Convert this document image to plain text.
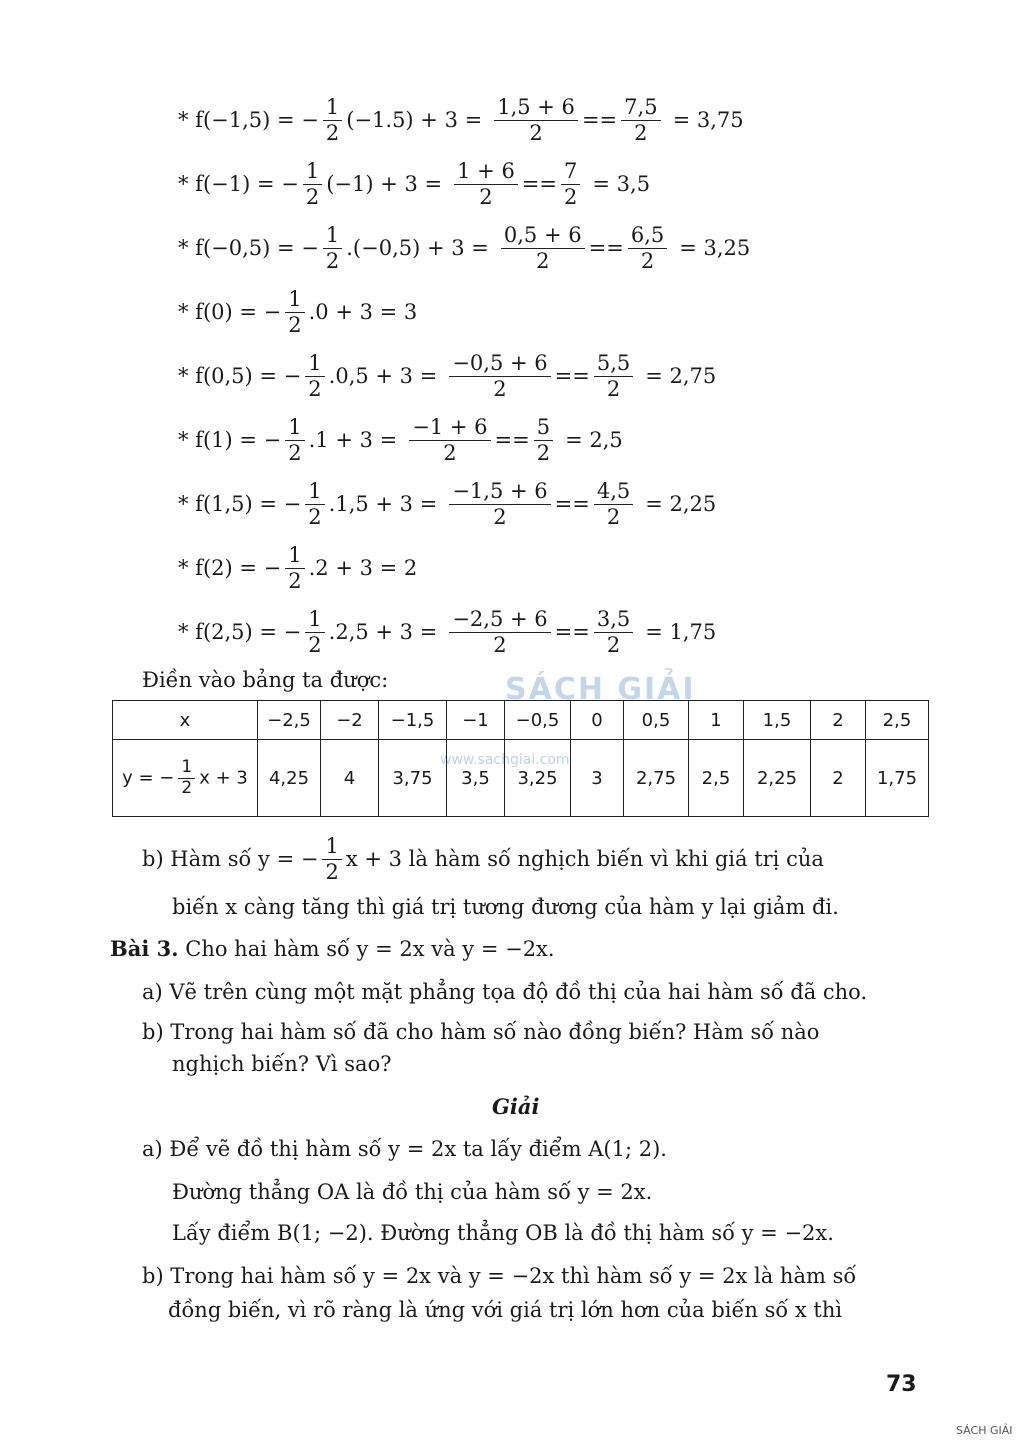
* f(−1,5) = − $\frac{1}{2} (-1.5) + 3 = \frac{1,5 + 6}{2}$ = = $\frac{7,5}{2} = 3,75$
* f(−1) = − $\frac{1}{2} (-1) + 3 = \frac{1 + 6}{2}$ = = $\frac{7}{2} = 3,5$
* f(−0,5) = − $\frac{1}{2} .(-0,5) + 3 = \frac{0,5 + 6}{2}$ = = $\frac{6,5}{2} = 3,25$
* f(0) = − $\frac{1}{2} .0 + 3 = 3$
* f(0,5) = − $\frac{1}{2} .0,5 + 3 = \frac{-0,5 + 6}{2}$ = = $\frac{5,5}{2} = 2,75$
* f(1) = − $\frac{1}{2} .1 + 3 = \frac{-1 + 6}{2}$ = = $\frac{5}{2} = 2,5$
* f(1,5) = − $\frac{1}{2} .1,5 + 3 = \frac{-1,5 + 6}{2}$ = = $\frac{4,5}{2} = 2,25$
* f(2) = − $\frac{1}{2} .2 + 3 = 2$
* f(2,5) = − $\frac{1}{2} .2,5 + 3 = \frac{-2,5 + 6}{2}$ = = $\frac{3,5}{2} = 1,75$
Điền vào bảng ta được:	SÁCH GIẢI
www.sachgiai.com
x	−2,5	−2	−1,5	−1	−0,5	0	0,5	1	1,5	2	2,5
y = − $\frac{1}{2}$ x + 3	4,25	4	3,75	3,5	3,25	3	2,75	2,5	2,25	2	1,75
b) Hàm số y = − $\frac{1}{2}$ x + 3 là hàm số nghịch biến vì khi giá trị của
biến x càng tăng thì giá trị tương đương của hàm y lại giảm đi.
Bài 3. Cho hai hàm số y = 2x và y = −2x.
a) Vẽ trên cùng một mặt phẳng tọa độ đồ thị của hai hàm số đã cho.
b) Trong hai hàm số đã cho hàm số nào đồng biến? Hàm số nào
nghịch biến? Vì sao?
Giải
a) Để vẽ đồ thị hàm số y = 2x ta lấy điểm A(1; 2).
Đường thẳng OA là đồ thị của hàm số y = 2x.
Lấy điểm B(1; −2). Đường thẳng OB là đồ thị hàm số y = −2x.
b) Trong hai hàm số y = 2x và y = −2x thì hàm số y = 2x là hàm số
đồng biến, vì rõ ràng là ứng với giá trị lớn hơn của biến số x thì
73
SÁCH GIẢI
